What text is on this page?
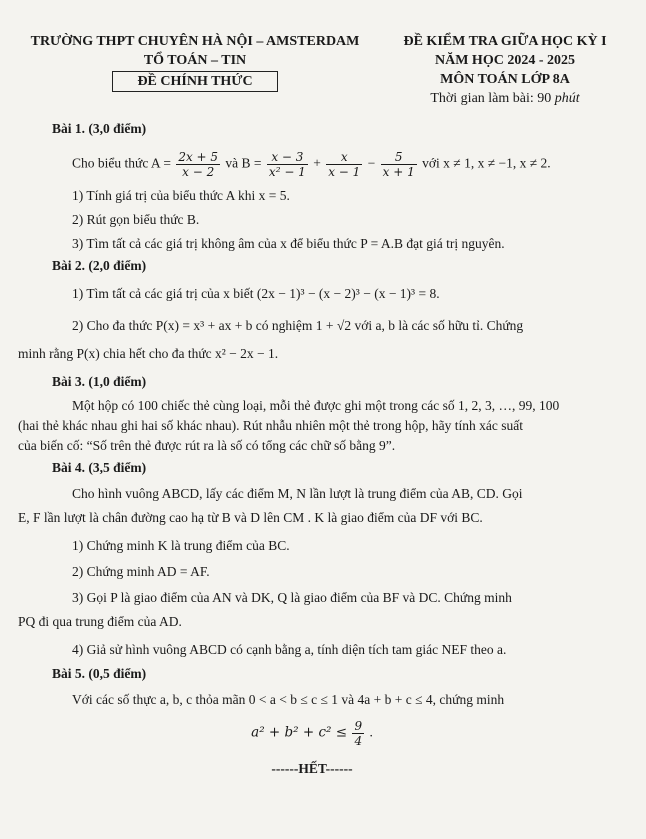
TRƯỜNG THPT CHUYÊN HÀ NỘI – AMSTERDAM
TỔ TOÁN – TIN
ĐỀ CHÍNH THỨC
ĐỀ KIỂM TRA GIỮA HỌC KỲ I
NĂM HỌC 2024 - 2025
MÔN TOÁN LỚP 8A
Thời gian làm bài: 90 phút

Bài 1. (3,0 điểm)

Cho biểu thức $A = \frac{2x + 5}{x - 2}$ và $B = \frac{x - 3}{\text{x² − 1}} + \frac{x}{x - 1} - \frac{5}{x + 1}$ với x ≠ 1, x ≠ −1, x ≠ 2.

1) Tính giá trị của biểu thức A khi x = 5.

2) Rút gọn biểu thức B.

3) Tìm tất cả các giá trị không âm của x để biểu thức P = A.B đạt giá trị nguyên.

Bài 2. (2,0 điểm)

1) Tìm tất cả các giá trị của x biết (2x − 1)³ − (x − 2)³ − (x − 1)³ = 8.

2) Cho đa thức P(x) = x³ + ax + b có nghiệm 1 + √2 với a, b là các số hữu tỉ. Chứng

minh rằng P(x) chia hết cho đa thức x² − 2x − 1.

Bài 3. (1,0 điểm)

Một hộp có 100 chiếc thẻ cùng loại, mỗi thẻ được ghi một trong các số 1, 2, 3, …, 99, 100

(hai thẻ khác nhau ghi hai số khác nhau). Rút nhẫu nhiên một thẻ trong hộp, hãy tính xác suất

của biến cố: “Số trên thẻ được rút ra là số có tổng các chữ số bằng 9”.

Bài 4. (3,5 điểm)

Cho hình vuông ABCD, lấy các điểm M, N lần lượt là trung điểm của AB, CD. Gọi

E, F lần lượt là chân đường cao hạ từ B và D lên CM . K là giao điểm của DF với BC.

1) Chứng minh K là trung điểm của BC.

2) Chứng minh AD = AF.

3) Gọi P là giao điểm của AN và DK, Q là giao điểm của BF và DC. Chứng minh

PQ đi qua trung điểm của AD.

4) Giả sử hình vuông ABCD có cạnh bằng a, tính diện tích tam giác NEF theo a.

Bài 5. (0,5 điểm)

Với các số thực a, b, c thỏa mãn 0 < a < b ≤ c ≤ 1 và 4a + b + c ≤ 4, chứng minh

$a^2 + b^2 + c^2 \le \frac{9}{4}$ .

------HẾT------
